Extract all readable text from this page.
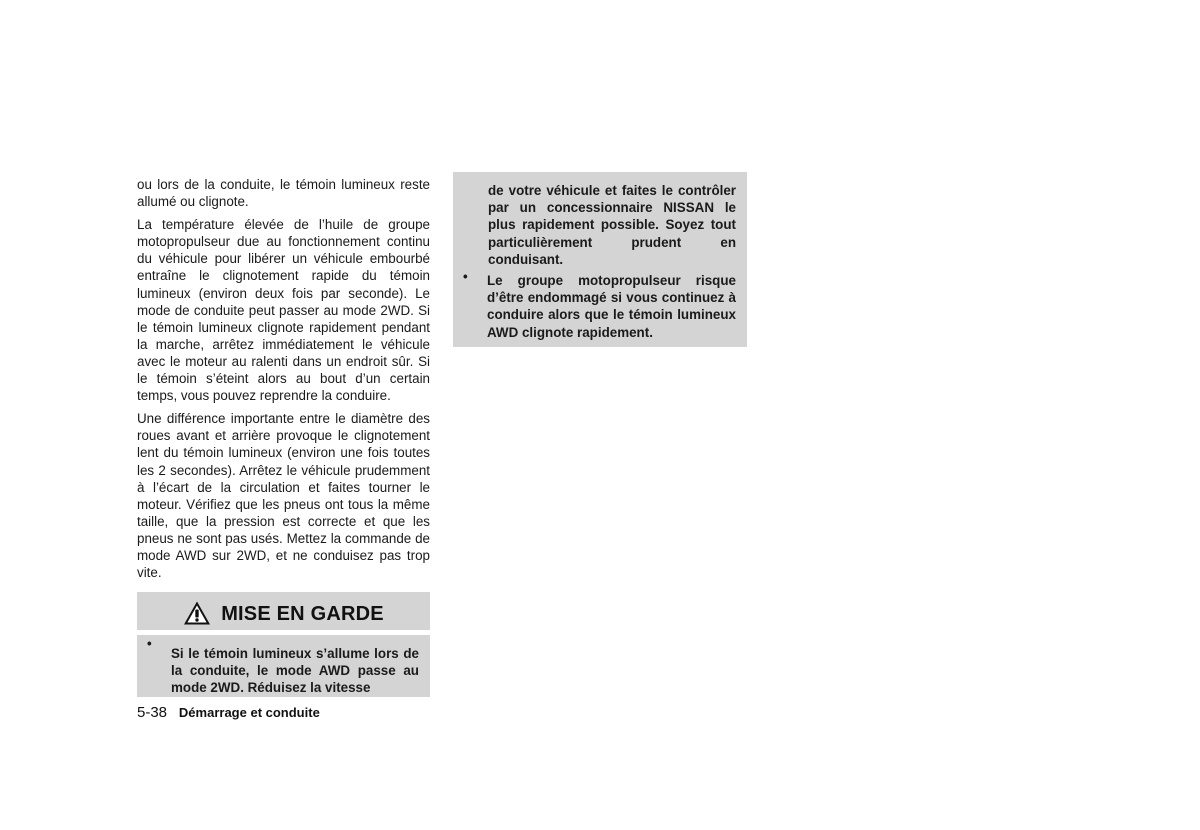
ou lors de la conduite, le témoin lumineux reste allumé ou clignote.

La température élevée de l’huile de groupe motopropulseur due au fonctionnement continu du véhicule pour libérer un véhicule embourbé entraîne le clignotement rapide du témoin lumineux (environ deux fois par seconde). Le mode de conduite peut passer au mode 2WD. Si le témoin lumineux clignote rapidement pendant la marche, arrêtez immédiatement le véhicule avec le moteur au ralenti dans un endroit sûr. Si le témoin s’éteint alors au bout d’un certain temps, vous pouvez reprendre la conduire.

Une différence importante entre le diamètre des roues avant et arrière provoque le clignotement lent du témoin lumineux (environ une fois toutes les 2 secondes). Arrêtez le véhicule prudemment à l’écart de la circulation et faites tourner le moteur. Vérifiez que les pneus ont tous la même taille, que la pression est correcte et que les pneus ne sont pas usés. Mettez la commande de mode AWD sur 2WD, et ne conduisez pas trop vite.

MISE EN GARDE
•
Si le témoin lumineux s’allume lors de la conduite, le mode AWD passe au mode 2WD. Réduisez la vitesse
de votre véhicule et faites le contrôler par un concessionnaire NISSAN le plus rapidement possible. Soyez tout particulièrement prudent en conduisant.
• Le groupe motopropulseur risque d’être endommagé si vous continuez à conduire alors que le témoin lumineux AWD clignote rapidement.
5-38 Démarrage et conduite
